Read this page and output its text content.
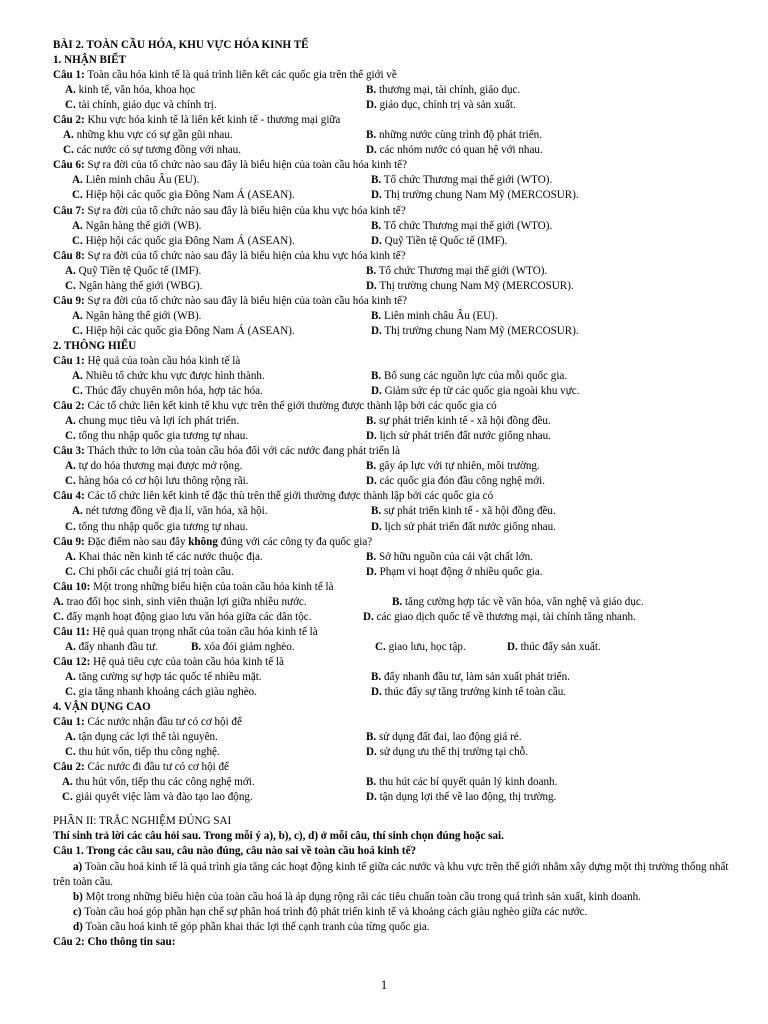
BÀI 2. TOÀN CẦU HÓA, KHU VỰC HÓA KINH TẾ
1. NHẬN BIẾT
Câu 1: Toàn cầu hóa kinh tế là quá trình liên kết các quốc gia trên thế giới về
A. kinh tế, văn hóa, khoa học	B. thương mại, tài chính, giáo dục.
C. tài chính, giáo dục và chính trị.	D. giáo dục, chính trị và sản xuất.
Câu 2: Khu vực hóa kinh tế là liên kết kinh tế - thương mại giữa
A. những khu vực có sự gần gũi nhau.	B. những nước cùng trình độ phát triển.
C. các nước có sự tương đồng với nhau.	D. các nhóm nước có quan hệ với nhau.
Câu 6: Sự ra đời của tổ chức nào sau đây là biểu hiện của toàn cầu hóa kinh tế?
A. Liên minh châu Âu (EU).	B. Tổ chức Thương mại thế giới (WTO).
C. Hiệp hội các quốc gia Đông Nam Á (ASEAN).	D. Thị trường chung Nam Mỹ (MERCOSUR).
Câu 7: Sự ra đời của tổ chức nào sau đây là biểu hiện của khu vực hóa kinh tế?
A. Ngân hàng thế giới (WB).	B. Tổ chức Thương mại thế giới (WTO).
C. Hiệp hội các quốc gia Đông Nam Á (ASEAN).	D. Quỹ Tiền tệ Quốc tế (IMF).
Câu 8: Sự ra đời của tổ chức nào sau đây là biểu hiện của khu vực hóa kinh tế?
A. Quỹ Tiền tệ Quốc tế (IMF).	B. Tổ chức Thương mại thế giới (WTO).
C. Ngân hàng thế giới (WBG).	D. Thị trường chung Nam Mỹ (MERCOSUR).
Câu 9: Sự ra đời của tổ chức nào sau đây là biểu hiện của toàn cầu hóa kinh tế?
A. Ngân hàng thế giới (WB).	B. Liên minh châu Âu (EU).
C. Hiệp hội các quốc gia Đông Nam Á (ASEAN).	D. Thị trường chung Nam Mỹ (MERCOSUR).
2. THÔNG HIỂU
Câu 1: Hệ quả của toàn cầu hóa kinh tế là
A. Nhiều tổ chức khu vực được hình thành.	B. Bổ sung các nguồn lực của mỗi quốc gia.
C. Thúc đẩy chuyên môn hóa, hợp tác hóa.	D. Giảm sức ép từ các quốc gia ngoài khu vực.
Câu 2: Các tổ chức liên kết kinh tế khu vực trên thế giới thường được thành lập bởi các quốc gia có
A. chung mục tiêu và lợi ích phát triển.	B. sự phát triển kinh tế - xã hội đồng đều.
C. tổng thu nhập quốc gia tương tự nhau.	D. lịch sử phát triển đất nước giống nhau.
Câu 3: Thách thức to lớn của toàn cầu hóa đối với các nước đang phát triển là
A. tự do hóa thương mại được mở rộng.	B. gây áp lực với tự nhiên, môi trường.
C. hàng hóa có cơ hội lưu thông rộng rãi.	D. các quốc gia đón đầu công nghệ mới.
Câu 4: Các tổ chức liên kết kinh tế đặc thù trên thế giới thường được thành lập bởi các quốc gia có
A. nét tương đồng về địa lí, văn hóa, xã hội.	B. sự phát triển kinh tế - xã hội đồng đều.
C. tổng thu nhập quốc gia tương tự nhau.	D. lịch sử phát triển đất nước giống nhau.
Câu 9: Đặc điểm nào sau đây không đúng với các công ty đa quốc gia?
A. Khai thác nền kinh tế các nước thuộc địa.	B. Sở hữu nguồn của cải vật chất lớn.
C. Chi phối các chuỗi giá trị toàn cầu.	D. Phạm vi hoạt động ở nhiều quốc gia.
Câu 10: Một trong những biểu hiện của toàn cầu hóa kinh tế là
A. trao đổi học sinh, sinh viên thuận lợi giữa nhiều nước.	B. tăng cường hợp tác về văn hóa, văn nghệ và giáo dục.
C. đẩy mạnh hoạt động giao lưu văn hóa giữa các dân tộc.	D. các giao dịch quốc tế về thương mại, tài chính tăng nhanh.
Câu 11: Hệ quả quan trọng nhất của toàn cầu hóa kinh tế là
A. đẩy nhanh đầu tư.	B. xóa đói giảm nghèo.	C. giao lưu, học tập.	D. thúc đẩy sản xuất.
Câu 12: Hệ quả tiêu cực của toàn cầu hóa kinh tế là
A. tăng cường sự hợp tác quốc tế nhiều mặt.	B. đẩy nhanh đầu tư, làm sản xuất phát triển.
C. gia tăng nhanh khoảng cách giàu nghèo.	D. thúc đẩy sự tăng trưởng kinh tế toàn cầu.
4. VẬN DỤNG CAO
Câu 1: Các nước nhận đầu tư có cơ hội để
A. tận dụng các lợi thế tài nguyên.	B. sử dụng đất đai, lao động giá rẻ.
C. thu hút vốn, tiếp thu công nghệ.	D. sử dụng ưu thế thị trường tại chỗ.
Câu 2: Các nước đi đầu tư có cơ hội để
A. thu hút vốn, tiếp thu các công nghệ mới.	B. thu hút các bí quyết quản lý kinh doanh.
C. giải quyết việc làm và đào tạo lao động.	D. tận dụng lợi thế về lao động, thị trường.
PHẦN II: TRẮC NGHIỆM ĐÚNG SAI
Thí sinh trả lời các câu hỏi sau. Trong mỗi ý a), b), c), d) ở mỗi câu, thí sinh chọn đúng hoặc sai.
Câu 1. Trong các câu sau, câu nào đúng, câu nào sai về toàn cầu hoá kinh tế?
a) Toàn cầu hoá kinh tế là quá trình gia tăng các hoạt động kinh tế giữa các nước và khu vực trên thế giới nhằm xây dựng một thị trường thống nhất trên toàn cầu.
b) Một trong những biểu hiện của toàn cầu hoá là áp dụng rộng rãi các tiêu chuẩn toàn cầu trong quá trình sản xuất, kinh doanh.
c) Toàn cầu hoá góp phần hạn chế sự phân hoá trình độ phát triển kinh tế và khoảng cách giàu nghèo giữa các nước.
d) Toàn cầu hoá kinh tế góp phần khai thác lợi thế cạnh tranh của từng quốc gia.
Câu 2: Cho thông tin sau:
1
